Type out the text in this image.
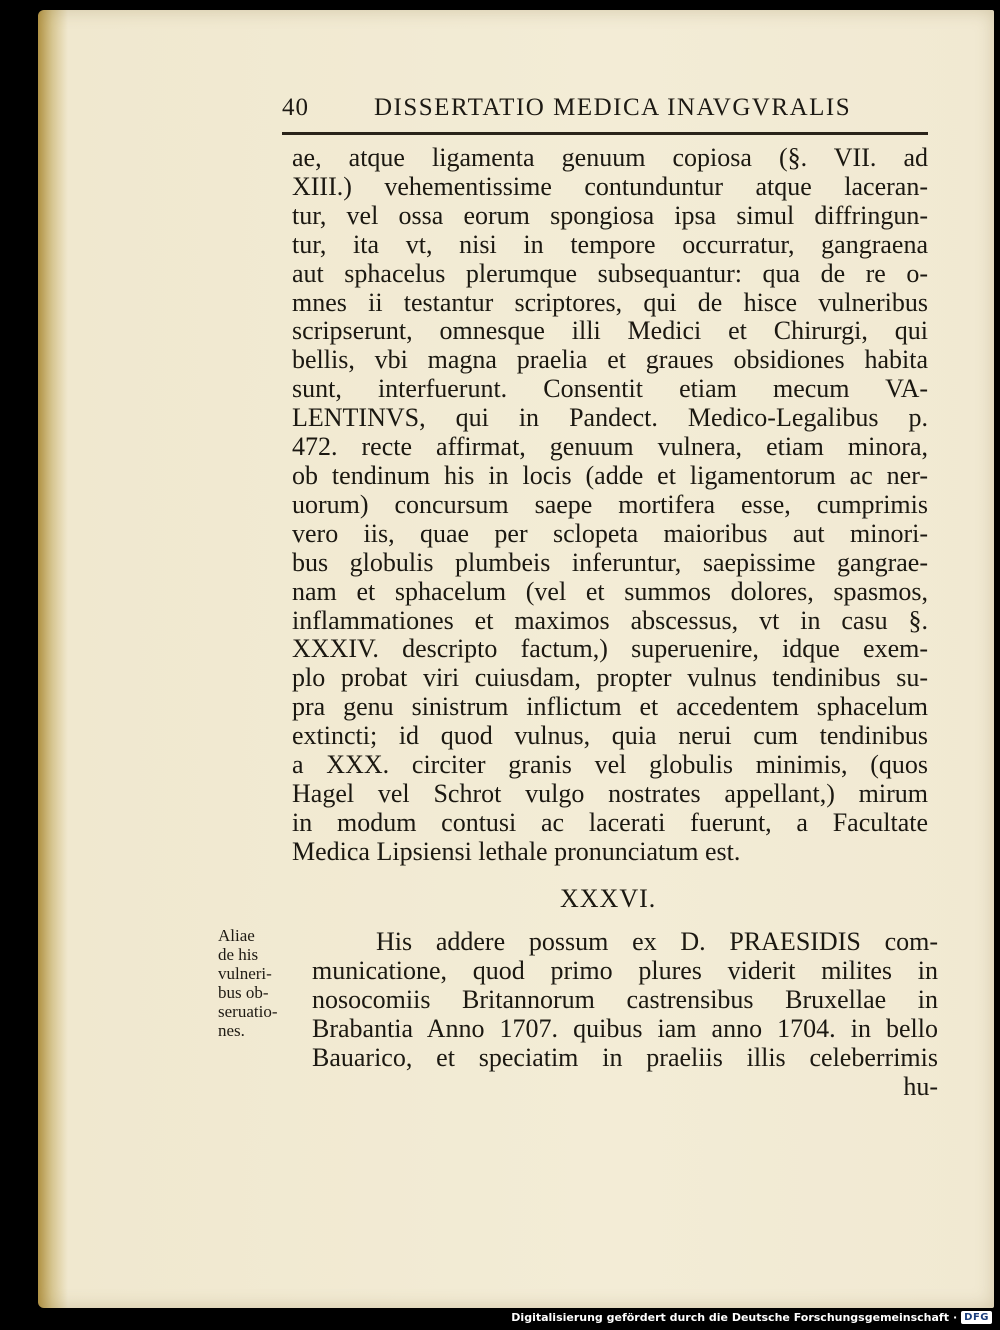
40	DISSERTATIO MEDICA INAVGVRALIS
ae, atque ligamenta genuum copiosa (§. VII. ad
XIII.) vehementissime contunduntur atque laceran-
tur, vel ossa eorum spongiosa ipsa simul diffringun-
tur, ita vt, nisi in tempore occurratur, gangraena
aut sphacelus plerumque subsequantur: qua de re o-
mnes ii testantur scriptores, qui de hisce vulneribus
scripserunt, omnesque illi Medici et Chirurgi, qui
bellis, vbi magna praelia et graues obsidiones habita
sunt, interfuerunt. Consentit etiam mecum VA-
LENTINVS, qui in Pandect. Medico-Legalibus p.
472. recte affirmat, genuum vulnera, etiam minora,
ob tendinum his in locis (adde et ligamentorum ac ner-
uorum) concursum saepe mortifera esse, cumprimis
vero iis, quae per sclopeta maioribus aut minori-
bus globulis plumbeis inferuntur, saepissime gangrae-
nam et sphacelum (vel et summos dolores, spasmos,
inflammationes et maximos abscessus, vt in casu §.
XXXIV. descripto factum,) superuenire, idque exem-
plo probat viri cuiusdam, propter vulnus tendinibus su-
pra genu sinistrum inflictum et accedentem sphacelum
extincti; id quod vulnus, quia nerui cum tendinibus
a XXX. circiter granis vel globulis minimis, (quos
Hagel vel Schrot vulgo nostrates appellant,) mirum
in modum contusi ac lacerati fuerunt, a Facultate
Medica Lipsiensi lethale pronunciatum est.
XXXVI.
Aliae
de his
vulneri-
bus ob-
seruatio-
nes.
His addere possum ex D. PRAESIDIS com-
municatione, quod primo plures viderit milites in
nosocomiis Britannorum castrensibus Bruxellae in
Brabantia Anno 1707. quibus iam anno 1704. in bello
Bauarico, et speciatim in praeliis illis celeberrimis
hu-
Digitalisierung gefördert durch die Deutsche Forschungsgemeinschaft · DFG
